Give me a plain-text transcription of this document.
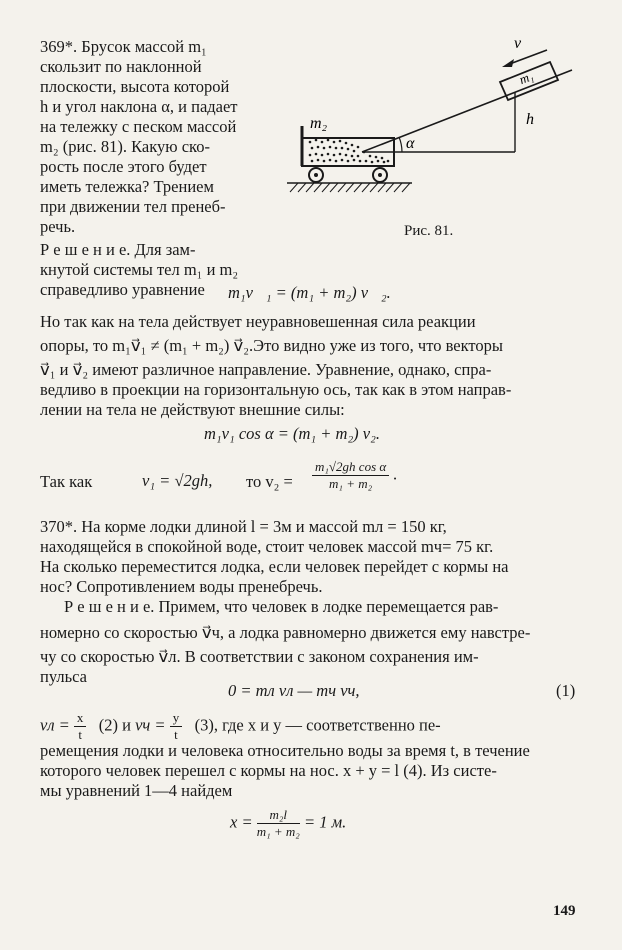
369*. Брусок массой m₁
скользит по наклонной
плоскости, высота которой
h и угол наклона α, и падает
на тележку с песком массой
m₂ (рис. 81). Какую ско-
рость после этого будет
иметь тележка? Трением
при движении тел пренеб-
речь.
Р е ш е н и е. Для зам-
кнутой системы тел m₁ и m₂
справедливо уравнение
v
m₁
m₂	h
α
Рис. 81.
m₁v⃗₁ = (m₁ + m₂) v⃗₂.
Но так как на тела действует неуравновешенная сила реакции
опоры, то m₁v⃗₁ ≠ (m₁ + m₂) v⃗₂.Это видно уже из того, что векторы
v⃗₁ и v⃗₂ имеют различное направление. Уравнение, однако, спра-
ведливо в проекции на горизонтальную ось, так как в этом направ-
лении на тела не действуют внешние силы:
m₁v₁ cos α = (m₁ + m₂) v₂.
Так как	v₁ = √2gh, то $v_2 = \frac{\text{m₁√2gh cos α}}{\text{m₁ + m₂}}$ .
370*. На корме лодки длиной l = 3м и массой mл = 150 кг,
находящейся в спокойной воде, стоит человек массой mч= 75 кг.
На сколько переместится лодка, если человек перейдет с кормы на
нос? Сопротивлением воды пренебречь.
Р е ш е н и е. Примем, что человек в лодке перемещается рав-
номерно со скоростью v⃗ч, а лодка равномерно движется ему навстре-
чу со скоростью v⃗л. В соответствии с законом сохранения им-
пульса
0 = mл vл — mч vч,	(1)
vл = $\frac{x}{t} (2)$ и vч = $\frac{y}{t} (3)$, где x и y — соответственно пе-
ремещения лодки и человека относительно воды за время t, в течение
которого человек перешел с кормы на нос. x + y = l (4). Из систе-
мы уравнений 1—4 найдем
$x = \frac{\text{m₂l}}{\text{m₁ + m₂}} = 1$ м.
149
